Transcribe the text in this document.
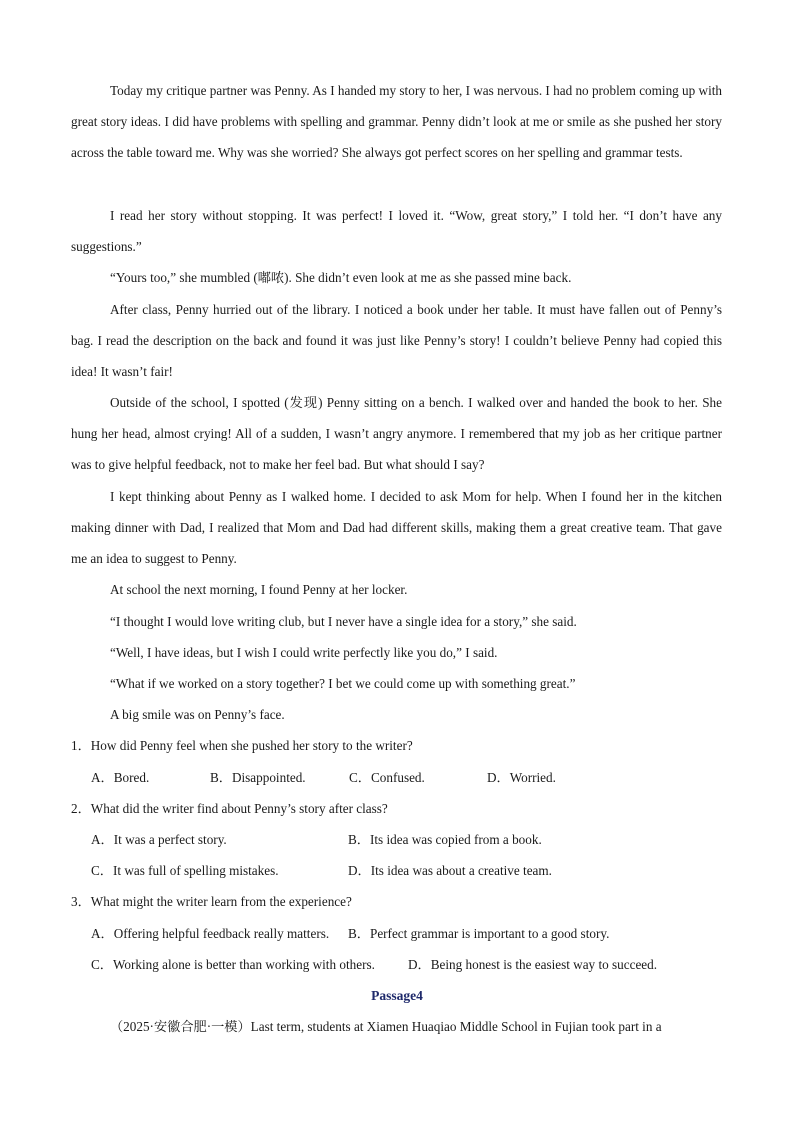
Today my critique partner was Penny. As I handed my story to her, I was nervous. I had no problem coming up with great story ideas. I did have problems with spelling and grammar. Penny didn’t look at me or smile as she pushed her story across the table toward me. Why was she worried? She always got perfect scores on her spelling and grammar tests.

I read her story without stopping. It was perfect! I loved it. “Wow, great story,” I told her. “I don’t have any suggestions.”

“Yours too,” she mumbled (嘟哝). She didn’t even look at me as she passed mine back.

After class, Penny hurried out of the library. I noticed a book under her table. It must have fallen out of Penny’s bag. I read the description on the back and found it was just like Penny’s story! I couldn’t believe Penny had copied this idea! It wasn’t fair!

Outside of the school, I spotted (发现) Penny sitting on a bench. I walked over and handed the book to her. She hung her head, almost crying! All of a sudden, I wasn’t angry anymore. I remembered that my job as her critique partner was to give helpful feedback, not to make her feel bad. But what should I say?

I kept thinking about Penny as I walked home. I decided to ask Mom for help. When I found her in the kitchen making dinner with Dad, I realized that Mom and Dad had different skills, making them a great creative team. That gave me an idea to suggest to Penny.

At school the next morning, I found Penny at her locker.

“I thought I would love writing club, but I never have a single idea for a story,” she said.

“Well, I have ideas, but I wish I could write perfectly like you do,” I said.

“What if we worked on a story together? I bet we could come up with something great.”

A big smile was on Penny’s face.

1．How did Penny feel when she pushed her story to the writer?

A．Bored.	B．Disappointed.	C．Confused.	D．Worried.

2．What did the writer find about Penny’s story after class?

A．It was a perfect story.	B．Its idea was copied from a book.

C．It was full of spelling mistakes.	D．Its idea was about a creative team.

3．What might the writer learn from the experience?

A．Offering helpful feedback really matters. B．Perfect grammar is important to a good story.

C．Working alone is better than working with others.	D．Being honest is the easiest way to succeed.

Passage4

（2025·安徽合肥·一模）Last term, students at Xiamen Huaqiao Middle School in Fujian took part in a
